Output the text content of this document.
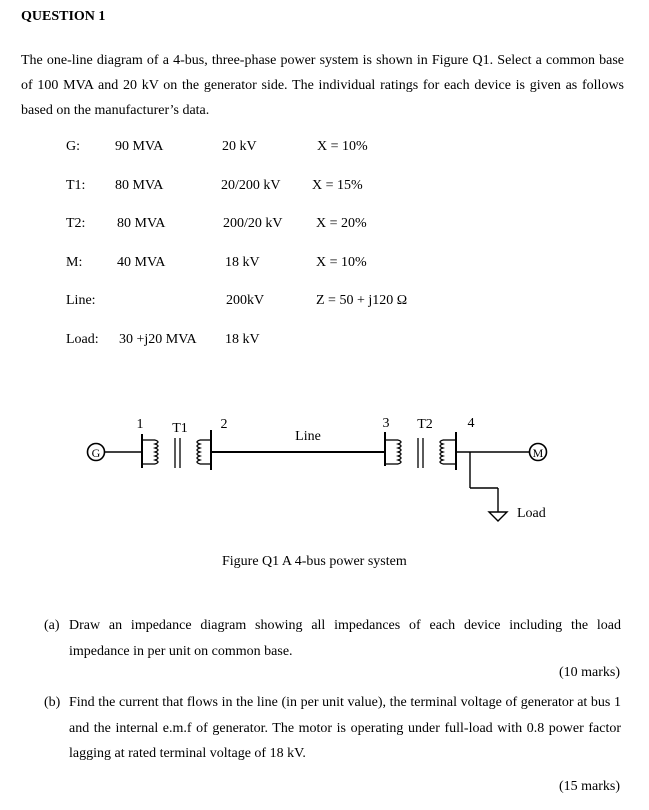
QUESTION 1
The one-line diagram of a 4-bus, three-phase power system is shown in Figure Q1. Select a common base of 100 MVA and 20 kV on the generator side. The individual ratings for each device is given as follows based on the manufacturer’s data.
G:	90 MVA	20 kV	X = 10%
T1: 80 MVA	20/200 kV X = 15%
T2: 80 MVA	200/20 kV X = 20%
M: 40 MVA	18 kV	X = 10%
Line:	200kV	Z = 50 + j120 Ω
Load: 30 +j20 MVA 18 kV
G
1 T1 2
Line
3 T2 4
M
Load
Figure Q1 A 4-bus power system
(a) Draw an impedance diagram showing all impedances of each device including the load impedance in per unit on common base.
(10 marks)
(b) Find the current that flows in the line (in per unit value), the terminal voltage of generator at bus 1 and the internal e.m.f of generator. The motor is operating under full-load with 0.8 power factor lagging at rated terminal voltage of 18 kV.
(15 marks)
